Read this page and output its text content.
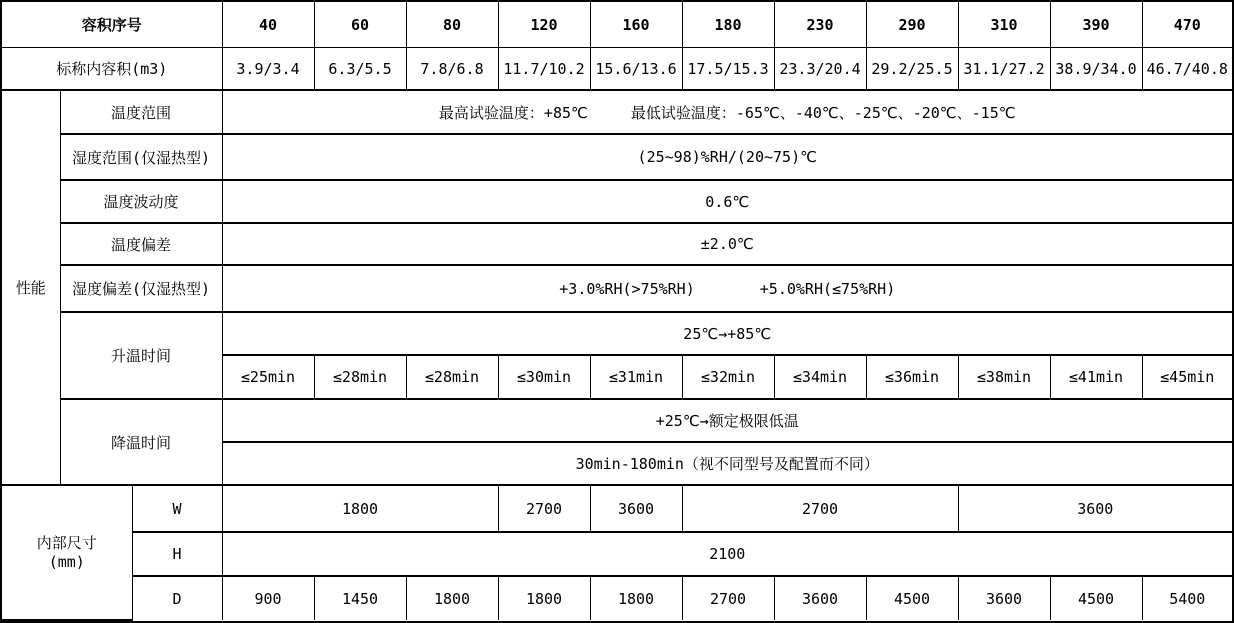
容积序号	40	60	80	120	160	180	230	290	310	390	470
标称内容积(m3)	3.9/3.4	6.3/5.5	7.8/6.8	11.7/10.2	15.6/13.6	17.5/15.3	23.3/20.4	29.2/25.5	31.1/27.2	38.9/34.0	46.7/40.8
性能	温度范围	最高试验温度：+85℃ 最低试验温度：-65℃、-40℃、-25℃、-20℃、-15℃										
	湿度范围(仅湿热型)	(25~98)%RH/(20~75)℃										
	温度波动度	0.6℃										
	温度偏差	±2.0℃										
	湿度偏差(仅湿热型)	+3.0%RH(>75%RH) +5.0%RH(≤75%RH)										
	升温时间	25℃→+85℃										
		≤25min	≤28min	≤28min	≤30min	≤31min	≤32min	≤34min	≤36min	≤38min	≤41min	≤45min
	降温时间	+25℃→额定极限低温										
		30min-180min（视不同型号及配置而不同）										
内部尺寸
(mm)	W	1800			2700	3600	2700			3600		
	H	2100										
	D	900	1450	1800	1800	1800	2700	3600	4500	3600	4500	5400
